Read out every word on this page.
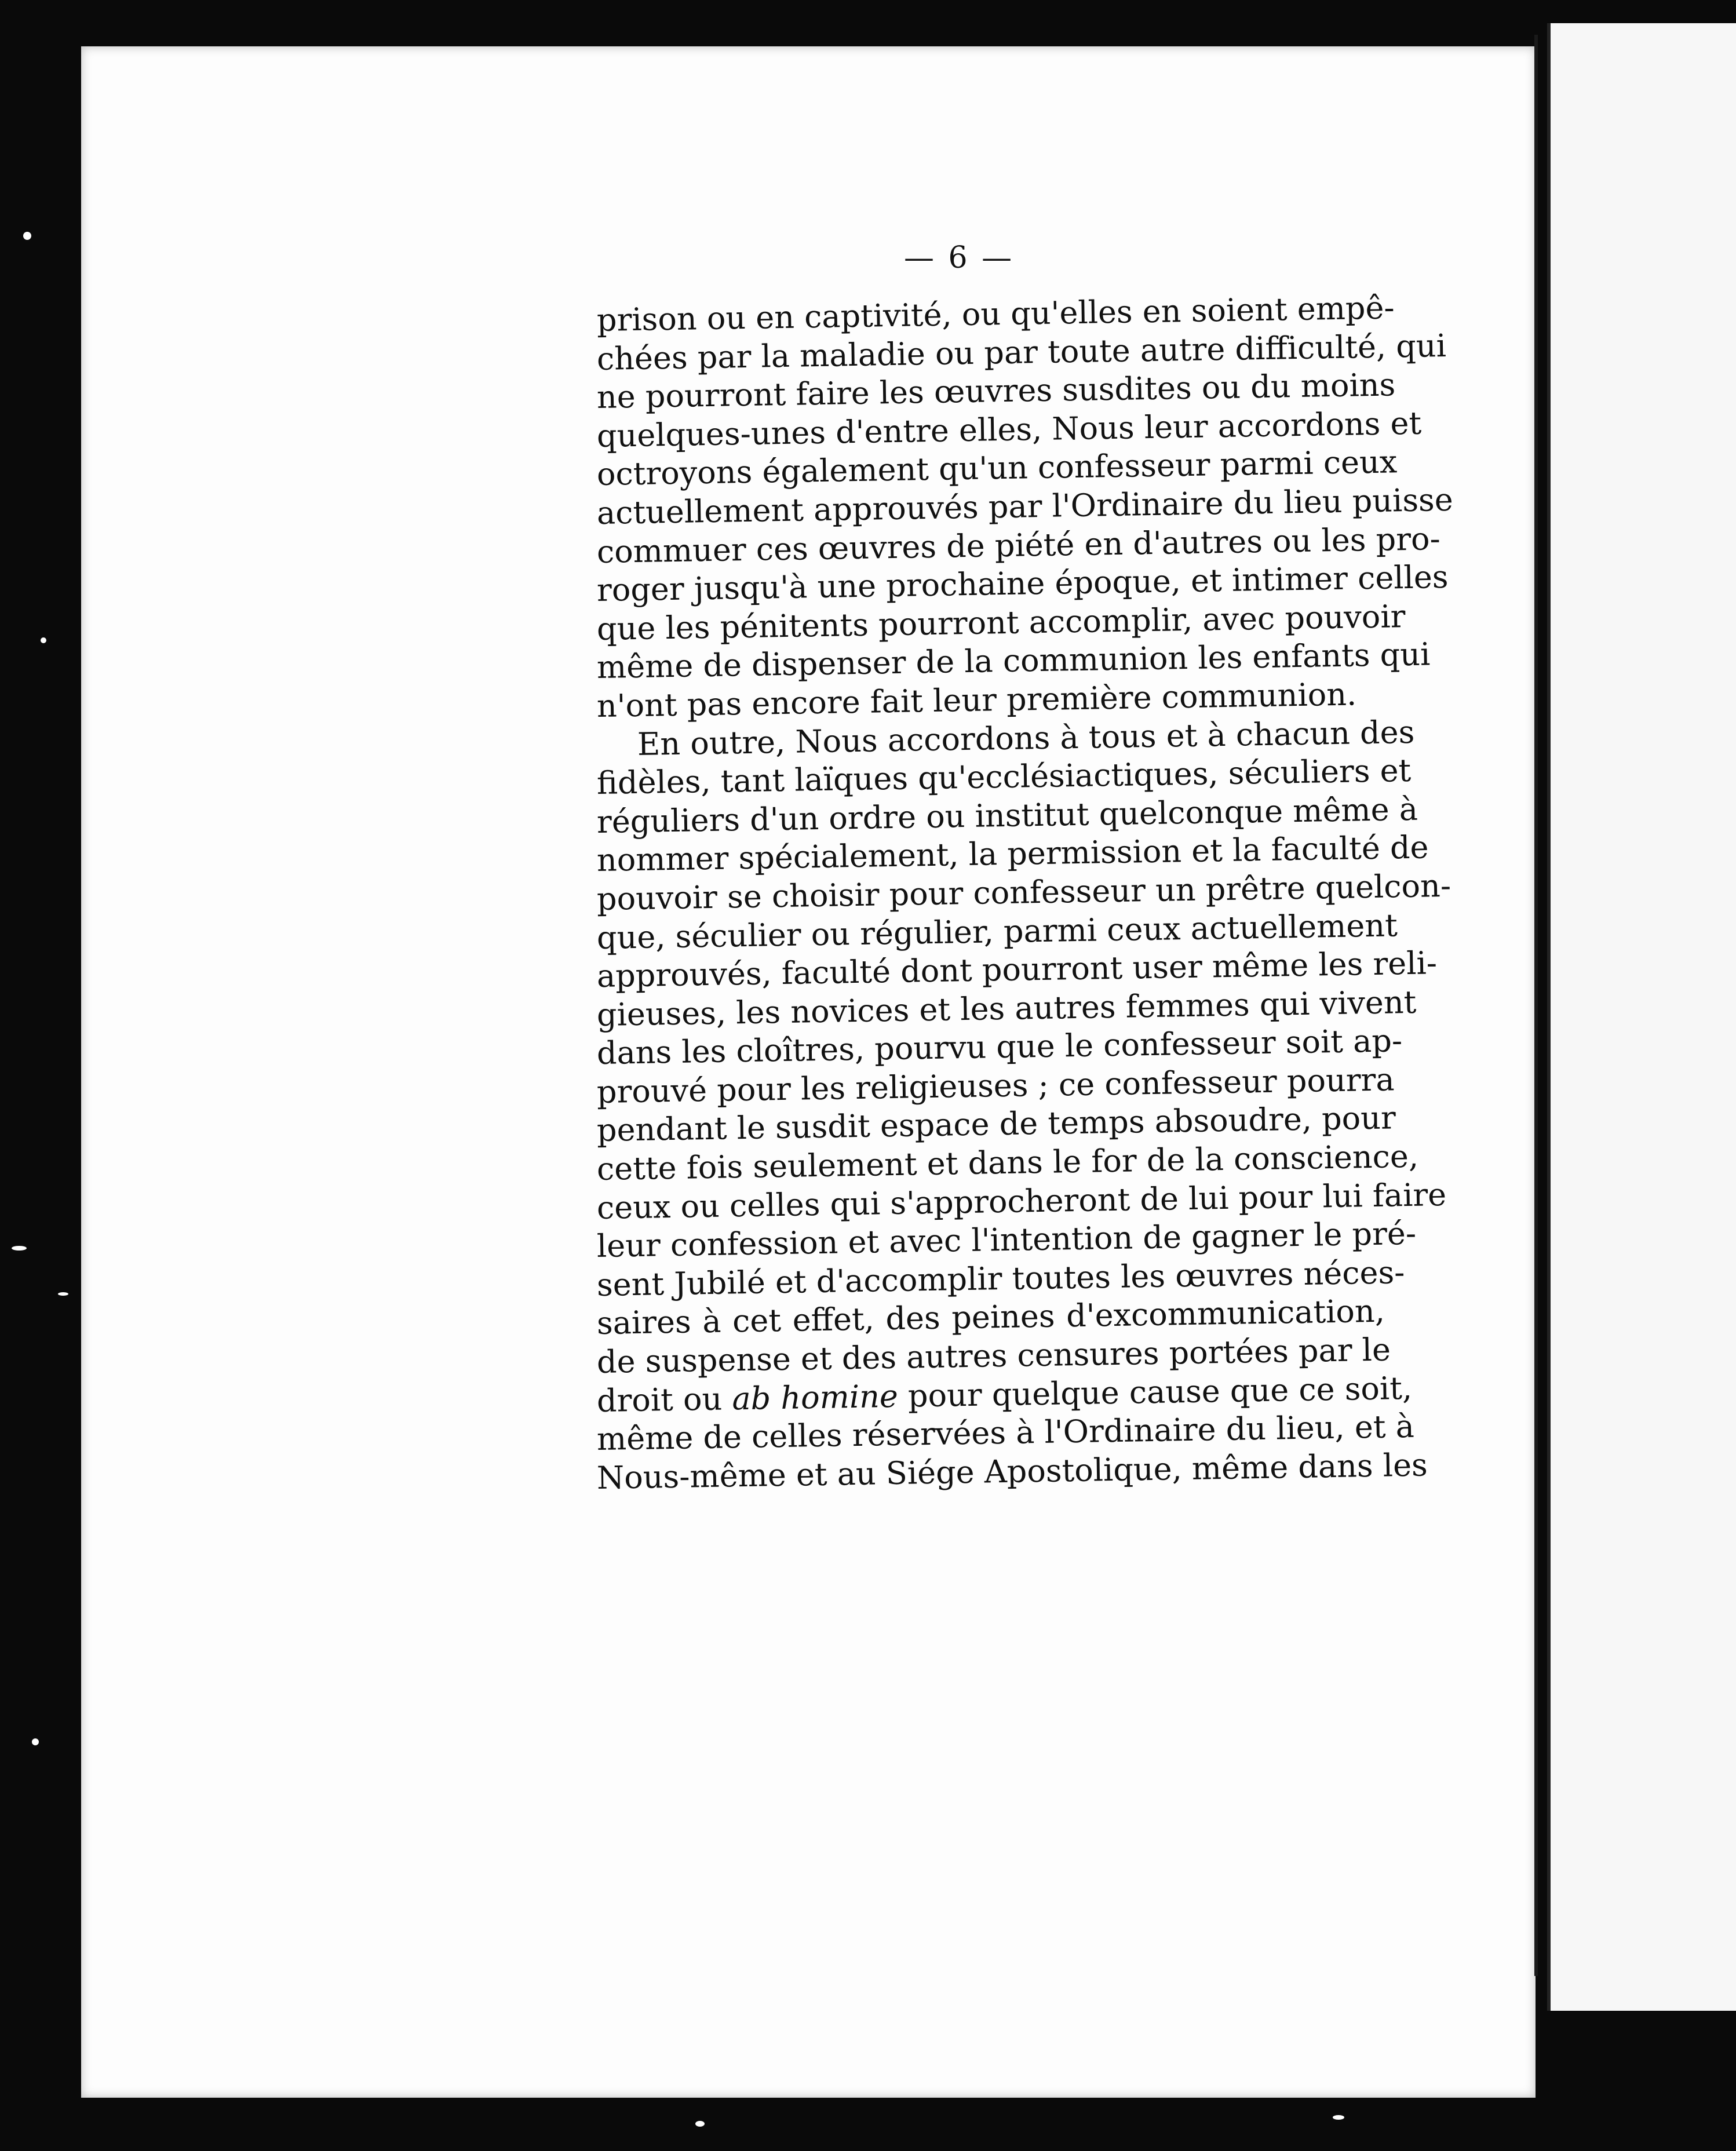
— 6 —
prison ou en captivité, ou qu'elles en soient empê-
chées par la maladie ou par toute autre difficulté, qui
ne pourront faire les œuvres susdites ou du moins
quelques-unes d'entre elles, Nous leur accordons et
octroyons également qu'un confesseur parmi ceux
actuellement approuvés par l'Ordinaire du lieu puisse
commuer ces œuvres de piété en d'autres ou les pro-
roger jusqu'à une prochaine époque, et intimer celles
que les pénitents pourront accomplir, avec pouvoir
même de dispenser de la communion les enfants qui
n'ont pas encore fait leur première communion.
En outre, Nous accordons à tous et à chacun des
fidèles, tant laïques qu'ecclésiactiques, séculiers et
réguliers d'un ordre ou institut quelconque même à
nommer spécialement, la permission et la faculté de
pouvoir se choisir pour confesseur un prêtre quelcon-
que, séculier ou régulier, parmi ceux actuellement
approuvés, faculté dont pourront user même les reli-
gieuses, les novices et les autres femmes qui vivent
dans les cloîtres, pourvu que le confesseur soit ap-
prouvé pour les religieuses ; ce confesseur pourra
pendant le susdit espace de temps absoudre, pour
cette fois seulement et dans le for de la conscience,
ceux ou celles qui s'approcheront de lui pour lui faire
leur confession et avec l'intention de gagner le pré-
sent Jubilé et d'accomplir toutes les œuvres néces-
saires à cet effet, des peines d'excommunication,
de suspense et des autres censures portées par le
droit ou ab homine pour quelque cause que ce soit,
même de celles réservées à l'Ordinaire du lieu, et à
Nous-même et au Siége Apostolique, même dans les
